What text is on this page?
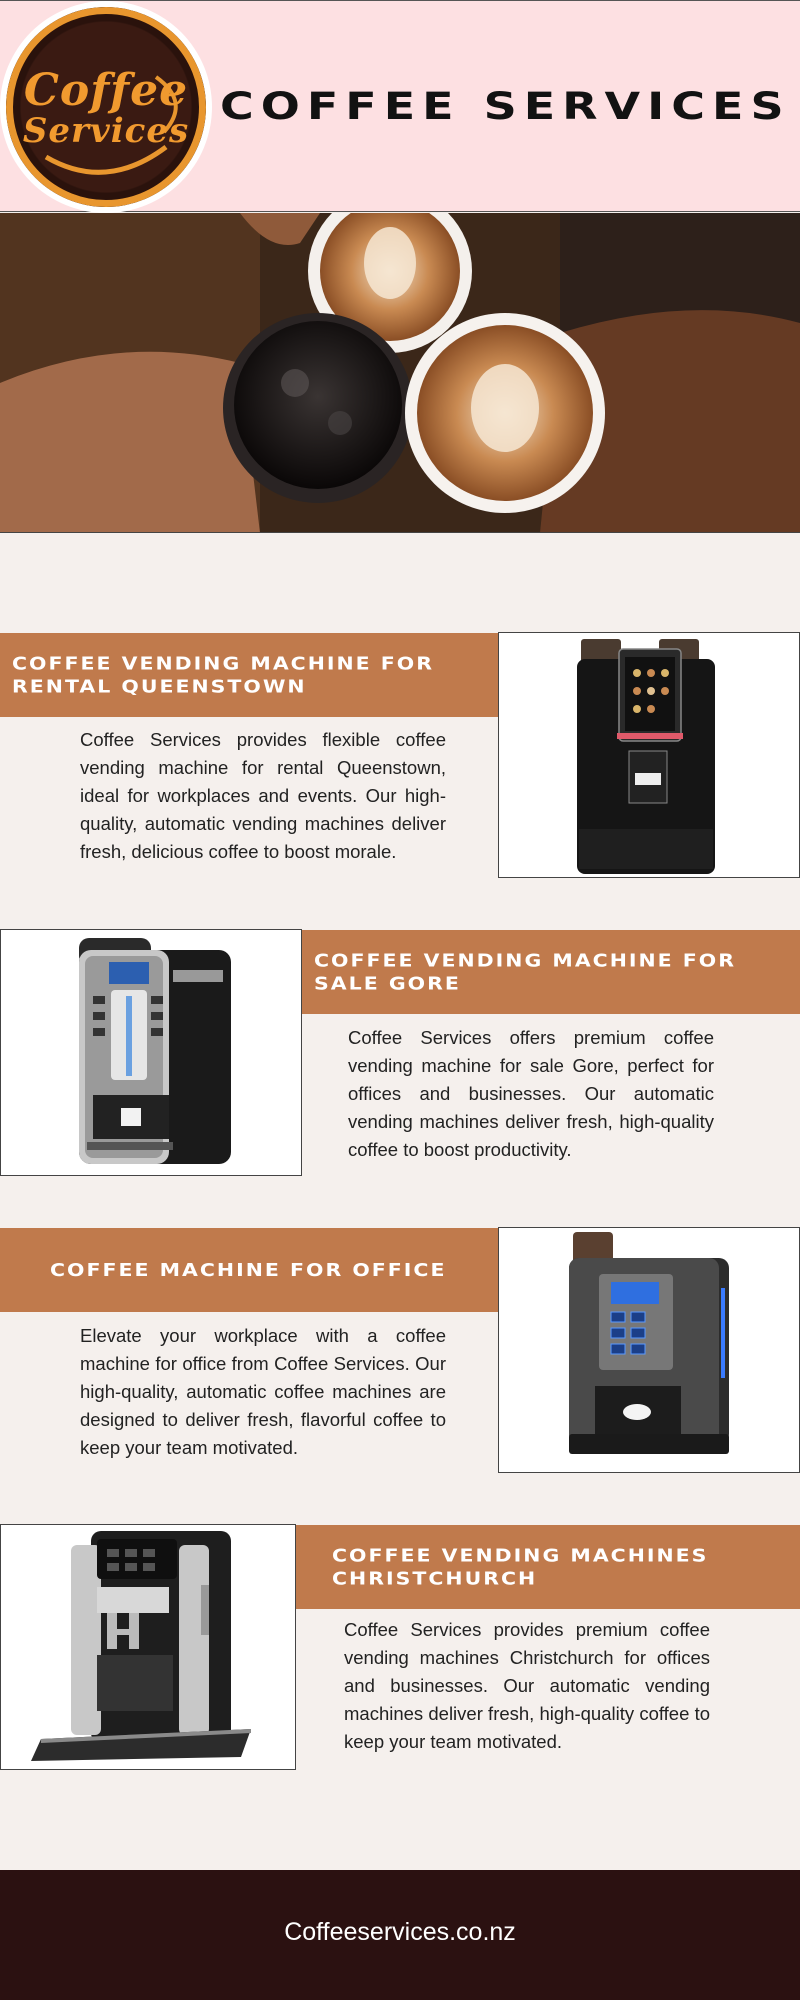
Coffee
Services
COFFEE SERVICES
COFFEE VENDING MACHINE FOR RENTAL QUEENSTOWN
Coffee Services provides flexible coffee vending machine for rental Queenstown, ideal for workplaces and events. Our high-quality, automatic vending machines deliver fresh, delicious coffee to boost morale.
COFFEE VENDING MACHINE FOR SALE GORE
Coffee Services offers premium coffee vending machine for sale Gore, perfect for offices and businesses. Our automatic vending machines deliver fresh, high-quality coffee to boost productivity.
COFFEE MACHINE FOR OFFICE
Elevate your workplace with a coffee machine for office from Coffee Services. Our high-quality, automatic coffee machines are designed to deliver fresh, flavorful coffee to keep your team motivated.
COFFEE VENDING MACHINES CHRISTCHURCH
Coffee Services provides premium coffee vending machines Christchurch for offices and businesses. Our automatic vending machines deliver fresh, high-quality coffee to keep your team motivated.
Coffeeservices.co.nz
